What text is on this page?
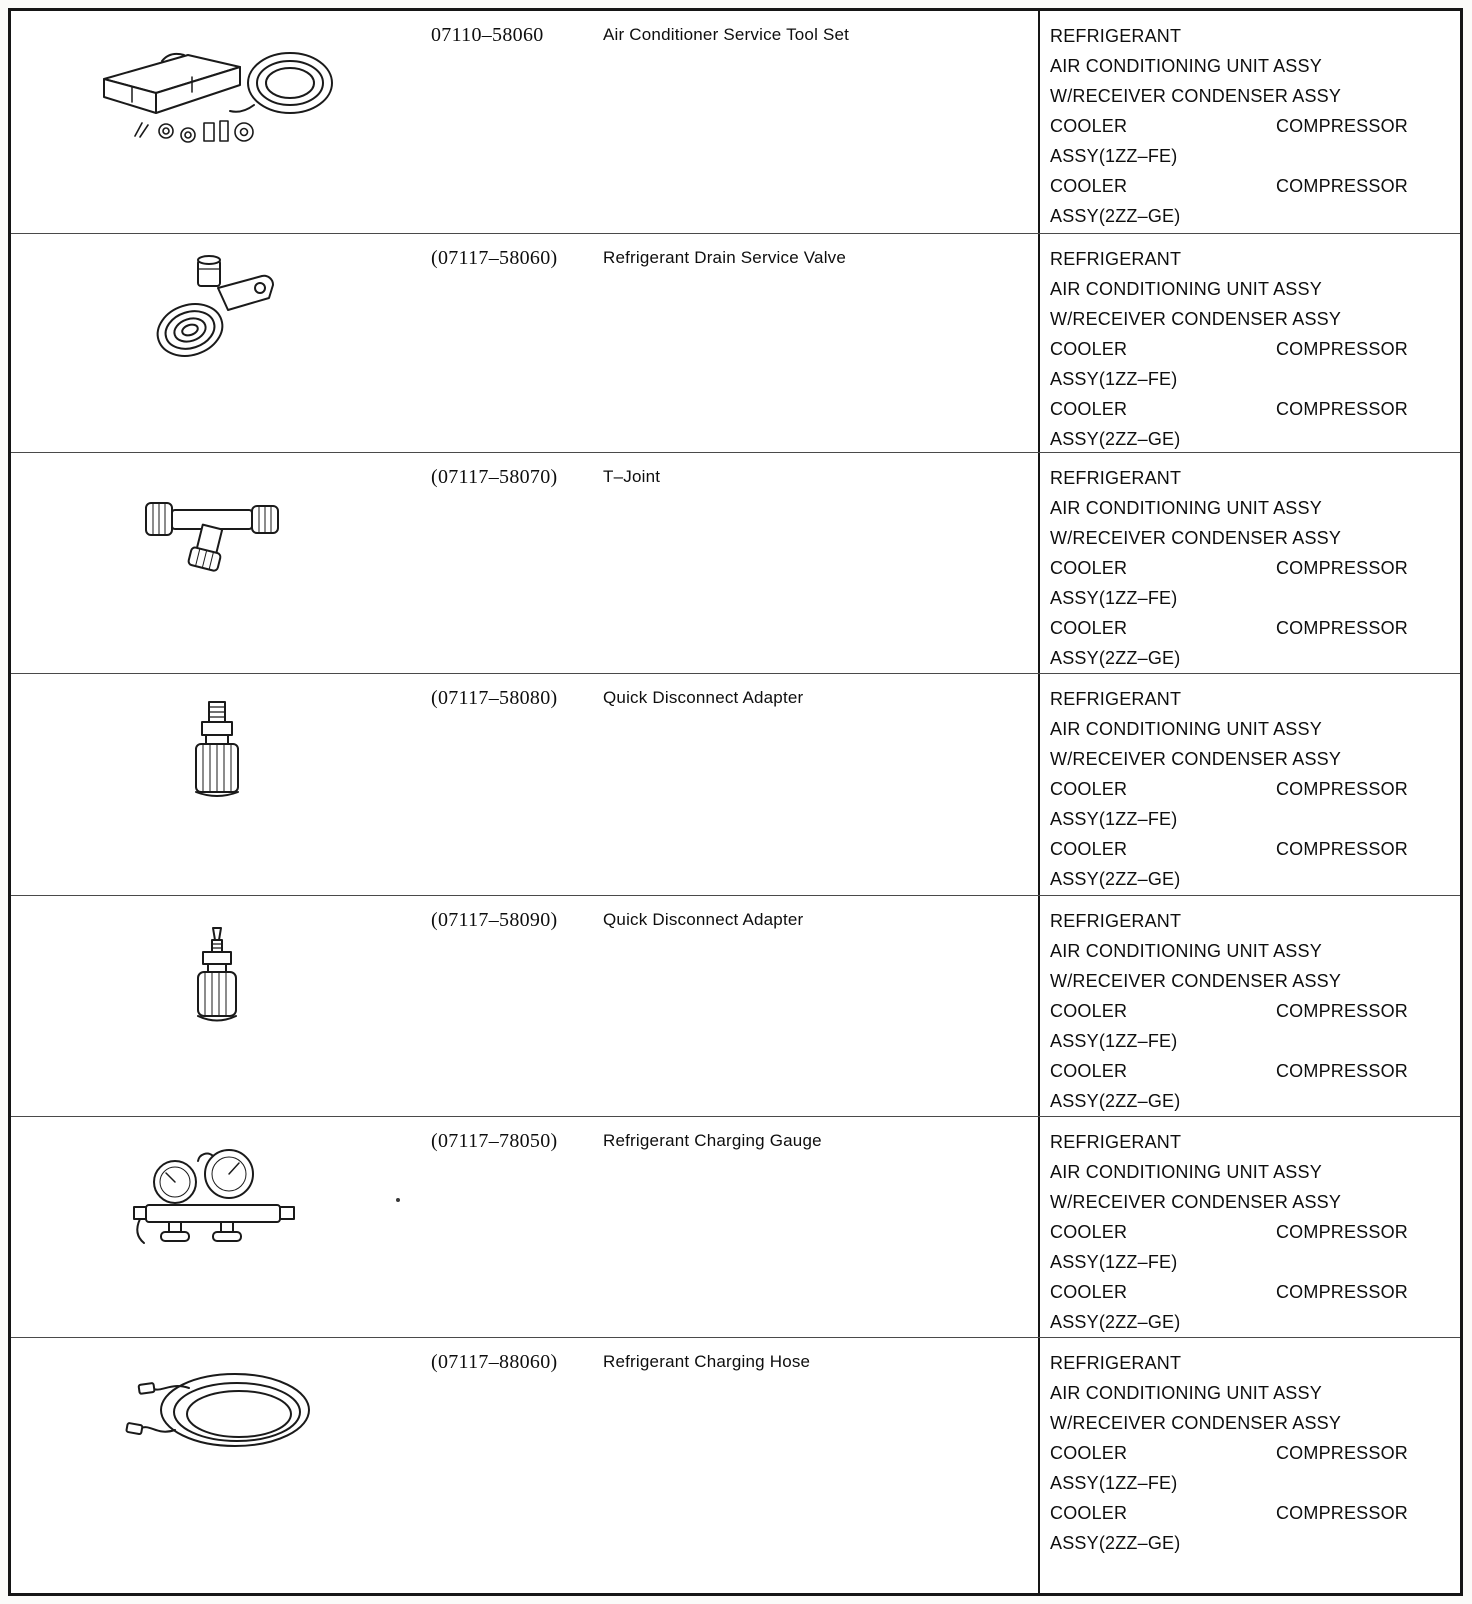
07110–58060	Air Conditioner Service Tool Set	REFRIGERANT
AIR CONDITIONING UNIT ASSY
W/RECEIVER CONDENSER ASSY
COOLER	COMPRESSOR
ASSY(1ZZ–FE)
COOLER	COMPRESSOR
ASSY(2ZZ–GE)
(07117–58060)	Refrigerant Drain Service Valve	REFRIGERANT
AIR CONDITIONING UNIT ASSY
W/RECEIVER CONDENSER ASSY
COOLER	COMPRESSOR
ASSY(1ZZ–FE)
COOLER	COMPRESSOR
ASSY(2ZZ–GE)
(07117–58070)	T–Joint	REFRIGERANT
AIR CONDITIONING UNIT ASSY
W/RECEIVER CONDENSER ASSY
COOLER	COMPRESSOR
ASSY(1ZZ–FE)
COOLER	COMPRESSOR
ASSY(2ZZ–GE)
(07117–58080)	Quick Disconnect Adapter	REFRIGERANT
AIR CONDITIONING UNIT ASSY
W/RECEIVER CONDENSER ASSY
COOLER	COMPRESSOR
ASSY(1ZZ–FE)
COOLER	COMPRESSOR
ASSY(2ZZ–GE)
(07117–58090)	Quick Disconnect Adapter	REFRIGERANT
AIR CONDITIONING UNIT ASSY
W/RECEIVER CONDENSER ASSY
COOLER	COMPRESSOR
ASSY(1ZZ–FE)
COOLER	COMPRESSOR
ASSY(2ZZ–GE)
(07117–78050)	Refrigerant Charging Gauge	REFRIGERANT
AIR CONDITIONING UNIT ASSY
W/RECEIVER CONDENSER ASSY
COOLER	COMPRESSOR
ASSY(1ZZ–FE)
COOLER	COMPRESSOR
ASSY(2ZZ–GE)
(07117–88060)	Refrigerant Charging Hose	REFRIGERANT
AIR CONDITIONING UNIT ASSY
W/RECEIVER CONDENSER ASSY
COOLER	COMPRESSOR
ASSY(1ZZ–FE)
COOLER	COMPRESSOR
ASSY(2ZZ–GE)
